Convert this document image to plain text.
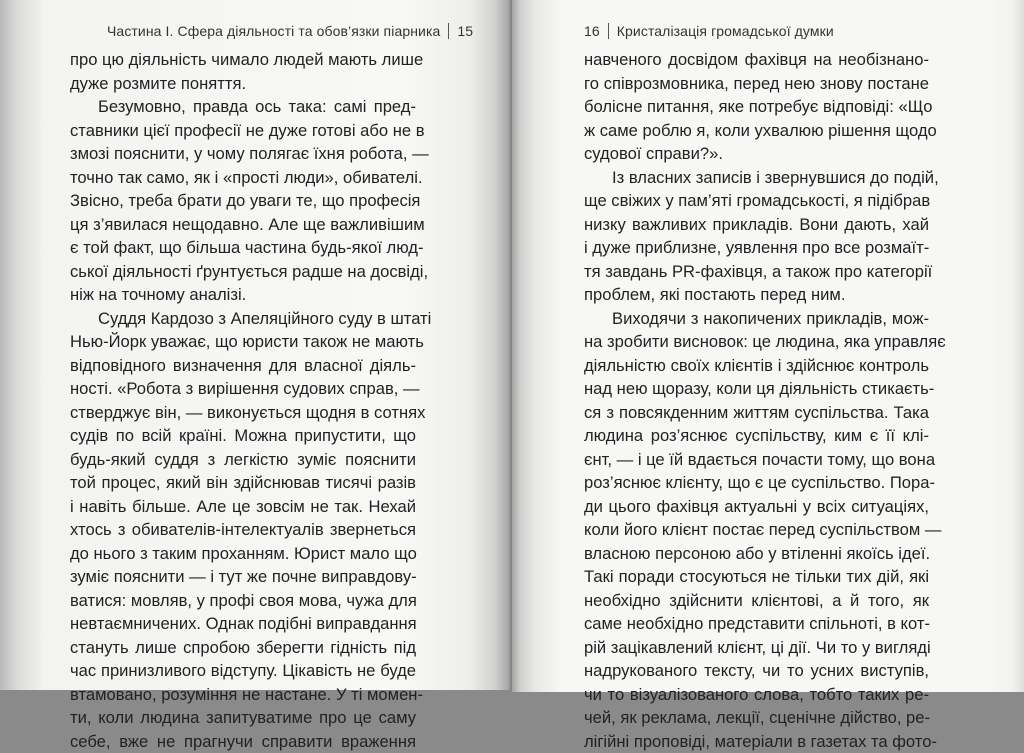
Частина І. Сфера діяльності та обов’язки піарника 15
про цю діяльність чимало людей мають лише
дуже розмите поняття.
Безумовно, правда ось така: самі пред-
ставники цієї професії не дуже готові або не в
змозі пояснити, у чому полягає їхня робота, —
точно так само, як і «прості люди», обивателі.
Звісно, треба брати до уваги те, що професія
ця з’явилася нещодавно. Але ще важливішим
є той факт, що більша частина будь-якої люд-
ської діяльності ґрунтується радше на досвіді,
ніж на точному аналізі.
Суддя Кардозо з Апеляційного суду в штаті
Нью-Йорк уважає, що юристи також не мають
відповідного визначення для власної діяль-
ності. «Робота з вирішення судових справ, —
стверджує він, — виконується щодня в сотнях
судів по всій країні. Можна припустити, що
будь-який суддя з легкістю зуміє пояснити
той процес, який він здійснював тисячі разів
і навіть більше. Але це зовсім не так. Нехай
хтось з обивателів-інтелектуалів звернеться
до нього з таким проханням. Юрист мало що
зуміє пояснити — і тут же почне виправдову-
ватися: мовляв, у профі своя мова, чужа для
невтаємничених. Однак подібні виправдання
стануть лише спробою зберегти гідність під
час принизливого відступу. Цікавість не буде
втамовано, розуміння не настане. У ті момен-
ти, коли людина запитуватиме про це саму
себе, вже не прагнучи справити враження
16 Кристалізація громадської думки
навченого досвідом фахівця на необізнано-
го співрозмовника, перед нею знову постане
болісне питання, яке потребує відповіді: «Що
ж саме роблю я, коли ухвалюю рішення щодо
судової справи?».
Із власних записів і звернувшися до подій,
ще свіжих у пам’яті громадськості, я підібрав
низку важливих прикладів. Вони дають, хай
і дуже приблизне, уявлення про все розмаїт-
тя завдань PR-фахівця, а також про категорії
проблем, які постають перед ним.
Виходячи з накопичених прикладів, мож-
на зробити висновок: це людина, яка управляє
діяльністю своїх клієнтів і здійснює контроль
над нею щоразу, коли ця діяльність стикаєть-
ся з повсякденним життям суспільства. Така
людина роз’яснює суспільству, ким є її клі-
єнт, — і це їй вдається почасти тому, що вона
роз’яснює клієнту, що є це суспільство. Пора-
ди цього фахівця актуальні у всіх ситуаціях,
коли його клієнт постає перед суспільством —
власною персоною або у втіленні якоїсь ідеї.
Такі поради стосуються не тільки тих дій, які
необхідно здійснити клієнтові, а й того, як
саме необхідно представити спільноті, в кот-
рій зацікавлений клієнт, ці дії. Чи то у вигляді
надрукованого тексту, чи то усних виступів,
чи то візуалізованого слова, тобто таких ре-
чей, як реклама, лекції, сценічне дійство, ре-
лігійні проповіді, матеріали в газетах та фото-
